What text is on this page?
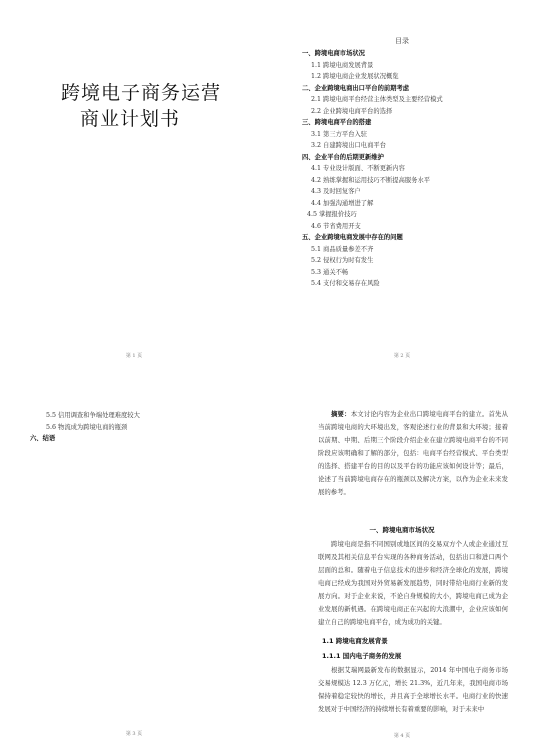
跨境电子商务运营
商业计划书
第 1 页
目录
一、跨境电商市场状况
1.1 跨境电商发展背景
1.2 跨境电商企业发展状况概览
二、企业跨境电商出口平台的前期考虑
2.1 跨境电商平台经营主体类型及主要经营模式
2.2 企业跨境电商平台的选择
三、跨境电商平台的搭建
3.1 第三方平台入驻
3.2 自建跨境出口电商平台
四、企业平台的后期更新维护
4.1 专业设计版面、不断更新内容
4.2 熟练掌握和运用技巧不断提高服务水平
4.3 及时回复客户
4.4 加强沟通增进了解
4.5 掌握报价技巧
4.6 节省费用开支
五、企业跨境电商发展中存在的问题
5.1 商品质量参差不齐
5.2 侵权行为时有发生
5.3 通关不畅
5.4 支付和交易存在风险
第 2 页
5.5 信用调查和争端处理难度较大
5.6 物流成为跨境电商的瓶颈
六、结语
第 3 页
摘要：本文讨论内容为企业出口跨境电商平台的建立。首先从当前跨境电商的大环境出发，客观论述行业的背景和大环境；接着以前期、中期、后期三个阶段介绍企业在建立跨境电商平台的不同阶段应该明确和了解的部分，包括：电商平台经营模式、平台类型的选择、搭建平台的目的以及平台的功能应该如何设计等；最后，论述了当前跨境电商存在的瓶颈以及解决方案，以作为企业未来发展的参考。
一、跨境电商市场状况
跨境电商是指不同国别或地区间的交易双方个人或企业通过互联网及其相关信息平台实现的各种商务活动，包括出口和进口两个层面的总和。随着电子信息技术的进步和经济全球化的发展，跨境电商已经成为我国对外贸易新发展趋势，同时带给电商行业新的发展方向。对于企业来说，不论自身规模的大小，跨境电商已成为企业发展的新机遇。在跨境电商正在兴起的大浪潮中，企业应该如何建立自己的跨境电商平台，成为成功的关键。
1.1 跨境电商发展背景
1.1.1 国内电子商务的发展
根据艾瑞网最新发布的数据显示，2014 年中国电子商务市场交易规模达 12.3 万亿元，增长 21.3%，近几年来，我国电商市场保持着稳定较快的增长，并且高于全球增长水平。电商行业的快速发展对于中国经济的持续增长有着重要的影响，对于未来中
第 4 页
